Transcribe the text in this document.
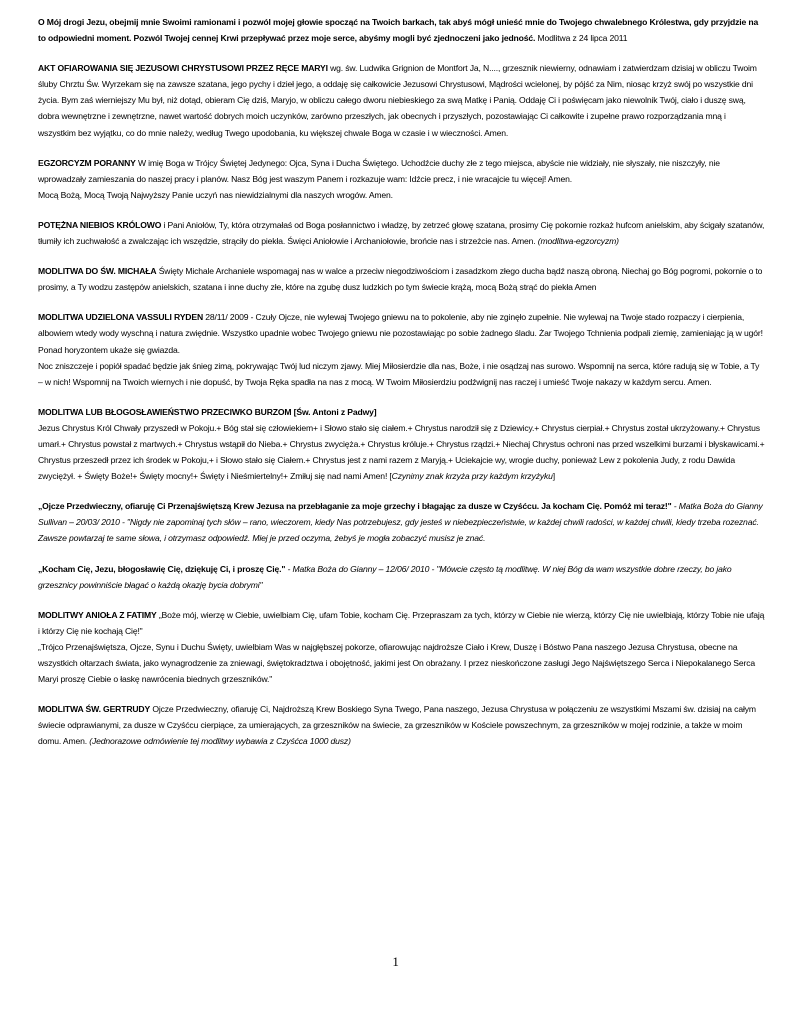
O Mój drogi Jezu, obejmij mnie Swoimi ramionami i pozwól mojej głowie spocząć na Twoich barkach, tak abyś mógł unieść mnie do Twojego chwalebnego Królestwa, gdy przyjdzie na to odpowiedni moment. Pozwól Twojej cennej Krwi przepływać przez moje serce, abyśmy mogli być zjednoczeni jako jedność. Modlitwa z 24 lipca 2011

AKT OFIAROWANIA SIĘ JEZUSOWI CHRYSTUSOWI PRZEZ RĘCE MARYI wg. św. Ludwika Grignion de Montfort Ja, N...., grzesznik niewierny, odnawiam i zatwierdzam dzisiaj w obliczu Twoim śluby Chrztu Św. Wyrzekam się na zawsze szatana, jego pychy i dzieł jego, a oddaję się całkowicie Jezusowi Chrystusowi, Mądrości wcielonej, by pójść za Nim, niosąc krzyż swój po wszystkie dni życia. Bym zaś wierniejszy Mu był, niż dotąd, obieram Cię dziś, Maryjo, w obliczu całego dworu niebieskiego za swą Matkę i Panią. Oddaję Ci i poświęcam jako niewolnik Twój, ciało i duszę swą, dobra wewnętrzne i zewnętrzne, nawet wartość dobrych moich uczynków, zarówno przeszłych, jak obecnych i przyszłych, pozostawiając Ci całkowite i zupełne prawo rozporządzania mną i wszystkim bez wyjątku, co do mnie należy, według Twego upodobania, ku większej chwale Boga w czasie i w wieczności. Amen.

EGZORCYZM PORANNY W imię Boga w Trójcy Świętej Jedynego: Ojca, Syna i Ducha Świętego. Uchodźcie duchy złe z tego miejsca, abyście nie widziały, nie słyszały, nie niszczyły, nie wprowadzały zamieszania do naszej pracy i planów. Nasz Bóg jest waszym Panem i rozkazuje wam: Idźcie precz, i nie wracajcie tu więcej! Amen.

Mocą Bożą, Mocą Twoją Najwyższy Panie uczyń nas niewidzialnymi dla naszych wrogów. Amen.

POTĘŻNA NIEBIOS KRÓLOWO i Pani Aniołów, Ty, która otrzymałaś od Boga posłannictwo i władzę, by zetrzeć głowę szatana, prosimy Cię pokornie rozkaż hufcom anielskim, aby ścigały szatanów, tłumiły ich zuchwałość a zwalczając ich wszędzie, strąciły do piekła. Święci Aniołowie i Archaniołowie, brońcie nas i strzeżcie nas. Amen. (modlitwa-egzorcyzm)

MODLITWA DO ŚW. MICHAŁA Święty Michale Archaniele wspomagaj nas w walce a przeciw niegodziwościom i zasadzkom złego ducha bądź naszą obroną. Niechaj go Bóg pogromi, pokornie o to prosimy, a Ty wodzu zastępów anielskich, szatana i inne duchy złe, które na zgubę dusz ludzkich po tym świecie krążą, mocą Bożą strąć do piekła Amen

MODLITWA UDZIELONA VASSULI RYDEN 28/11/ 2009 - Czuły Ojcze, nie wylewaj Twojego gniewu na to pokolenie, aby nie zginęło zupełnie. Nie wylewaj na Twoje stado rozpaczy i cierpienia, albowiem wtedy wody wyschną i natura zwiędnie. Wszystko upadnie wobec Twojego gniewu nie pozostawiając po sobie żadnego śladu. Żar Twojego Tchnienia podpali ziemię, zamieniając ją w ugór! Ponad horyzontem ukaże się gwiazda.

Noc zniszczeje i popiół spadać będzie jak śnieg zimą, pokrywając Twój lud niczym zjawy. Miej Miłosierdzie dla nas, Boże, i nie osądzaj nas surowo. Wspomnij na serca, które radują się w Tobie, a Ty – w nich! Wspomnij na Twoich wiernych i nie dopuść, by Twoja Ręka spadła na nas z mocą. W Twoim Miłosierdziu podźwignij nas raczej i umieść Twoje nakazy w każdym sercu. Amen.

MODLITWA LUB BŁOGOSŁAWIEŃSTWO PRZECIWKO BURZOM [Św. Antoni z Padwy]

Jezus Chrystus Król Chwały przyszedł w Pokoju.+ Bóg stał się człowiekiem+ i Słowo stało się ciałem.+ Chrystus narodził się z Dziewicy.+ Chrystus cierpiał.+ Chrystus został ukrzyżowany.+ Chrystus umarł.+ Chrystus powstał z martwych.+ Chrystus wstąpił do Nieba.+ Chrystus zwycięża.+ Chrystus króluje.+ Chrystus rządzi.+ Niechaj Chrystus ochroni nas przed wszelkimi burzami i błyskawicami.+ Chrystus przeszedł przez ich środek w Pokoju,+ i Słowo stało się Ciałem.+ Chrystus jest z nami razem z Maryją.+ Uciekajcie wy, wrogie duchy, ponieważ Lew z pokolenia Judy, z rodu Dawida zwyciężył. + Święty Boże!+ Święty mocny!+ Święty i Nieśmiertelny!+ Zmiłuj się nad nami Amen! [Czynimy znak krzyża przy każdym krzyżyku]

„Ojcze Przedwieczny, ofiaruję Ci Przenajświętszą Krew Jezusa na przebłaganie za moje grzechy i błagając za dusze w Czyśćcu. Ja kocham Cię. Pomóż mi teraz!" - Matka Boża do Gianny Sullivan – 20/03/ 2010 - "Nigdy nie zapominaj tych słów – rano, wieczorem, kiedy Nas potrzebujesz, gdy jesteś w niebezpieczeństwie, w każdej chwili radości, w każdej chwili, kiedy trzeba rozeznać. Zawsze powtarzaj te same słowa, i otrzymasz odpowiedź. Miej je przed oczyma, żebyś je mogła zobaczyć musisz je znać.

„Kocham Cię, Jezu, błogosławię Cię, dziękuję Ci, i proszę Cię." - Matka Boża do Gianny – 12/06/ 2010 - "Mówcie często tą modlitwę. W niej Bóg da wam wszystkie dobre rzeczy, bo jako grzesznicy powinniście błagać o każdą okazję bycia dobrymi"

MODLITWY ANIOŁA Z FATIMY „Boże mój, wierzę w Ciebie, uwielbiam Cię, ufam Tobie, kocham Cię. Przepraszam za tych, którzy w Ciebie nie wierzą, którzy Cię nie uwielbiają, którzy Tobie nie ufają i którzy Cię nie kochają Cię!"

„Trójco Przenajświętsza, Ojcze, Synu i Duchu Święty, uwielbiam Was w najgłębszej pokorze, ofiarowując najdroższe Ciało i Krew, Duszę i Bóstwo Pana naszego Jezusa Chrystusa, obecne na wszystkich ołtarzach świata, jako wynagrodzenie za zniewagi, świętokradztwa i obojętność, jakimi jest On obrażany. I przez nieskończone zasługi Jego Najświętszego Serca i Niepokalanego Serca Maryi proszę Ciebie o łaskę nawrócenia biednych grzeszników."

MODLITWA ŚW. GERTRUDY Ojcze Przedwieczny, ofiaruję Ci, Najdroższą Krew Boskiego Syna Twego, Pana naszego, Jezusa Chrystusa w połączeniu ze wszystkimi Mszami św. dzisiaj na całym świecie odprawianymi, za dusze w Czyśćcu cierpiące, za umierających, za grzeszników na świecie, za grzeszników w Kościele powszechnym, za grzeszników w mojej rodzinie, a także w moim domu. Amen. (Jednorazowe odmówienie tej modlitwy wybawia z Czyśćca 1000 dusz)

1
